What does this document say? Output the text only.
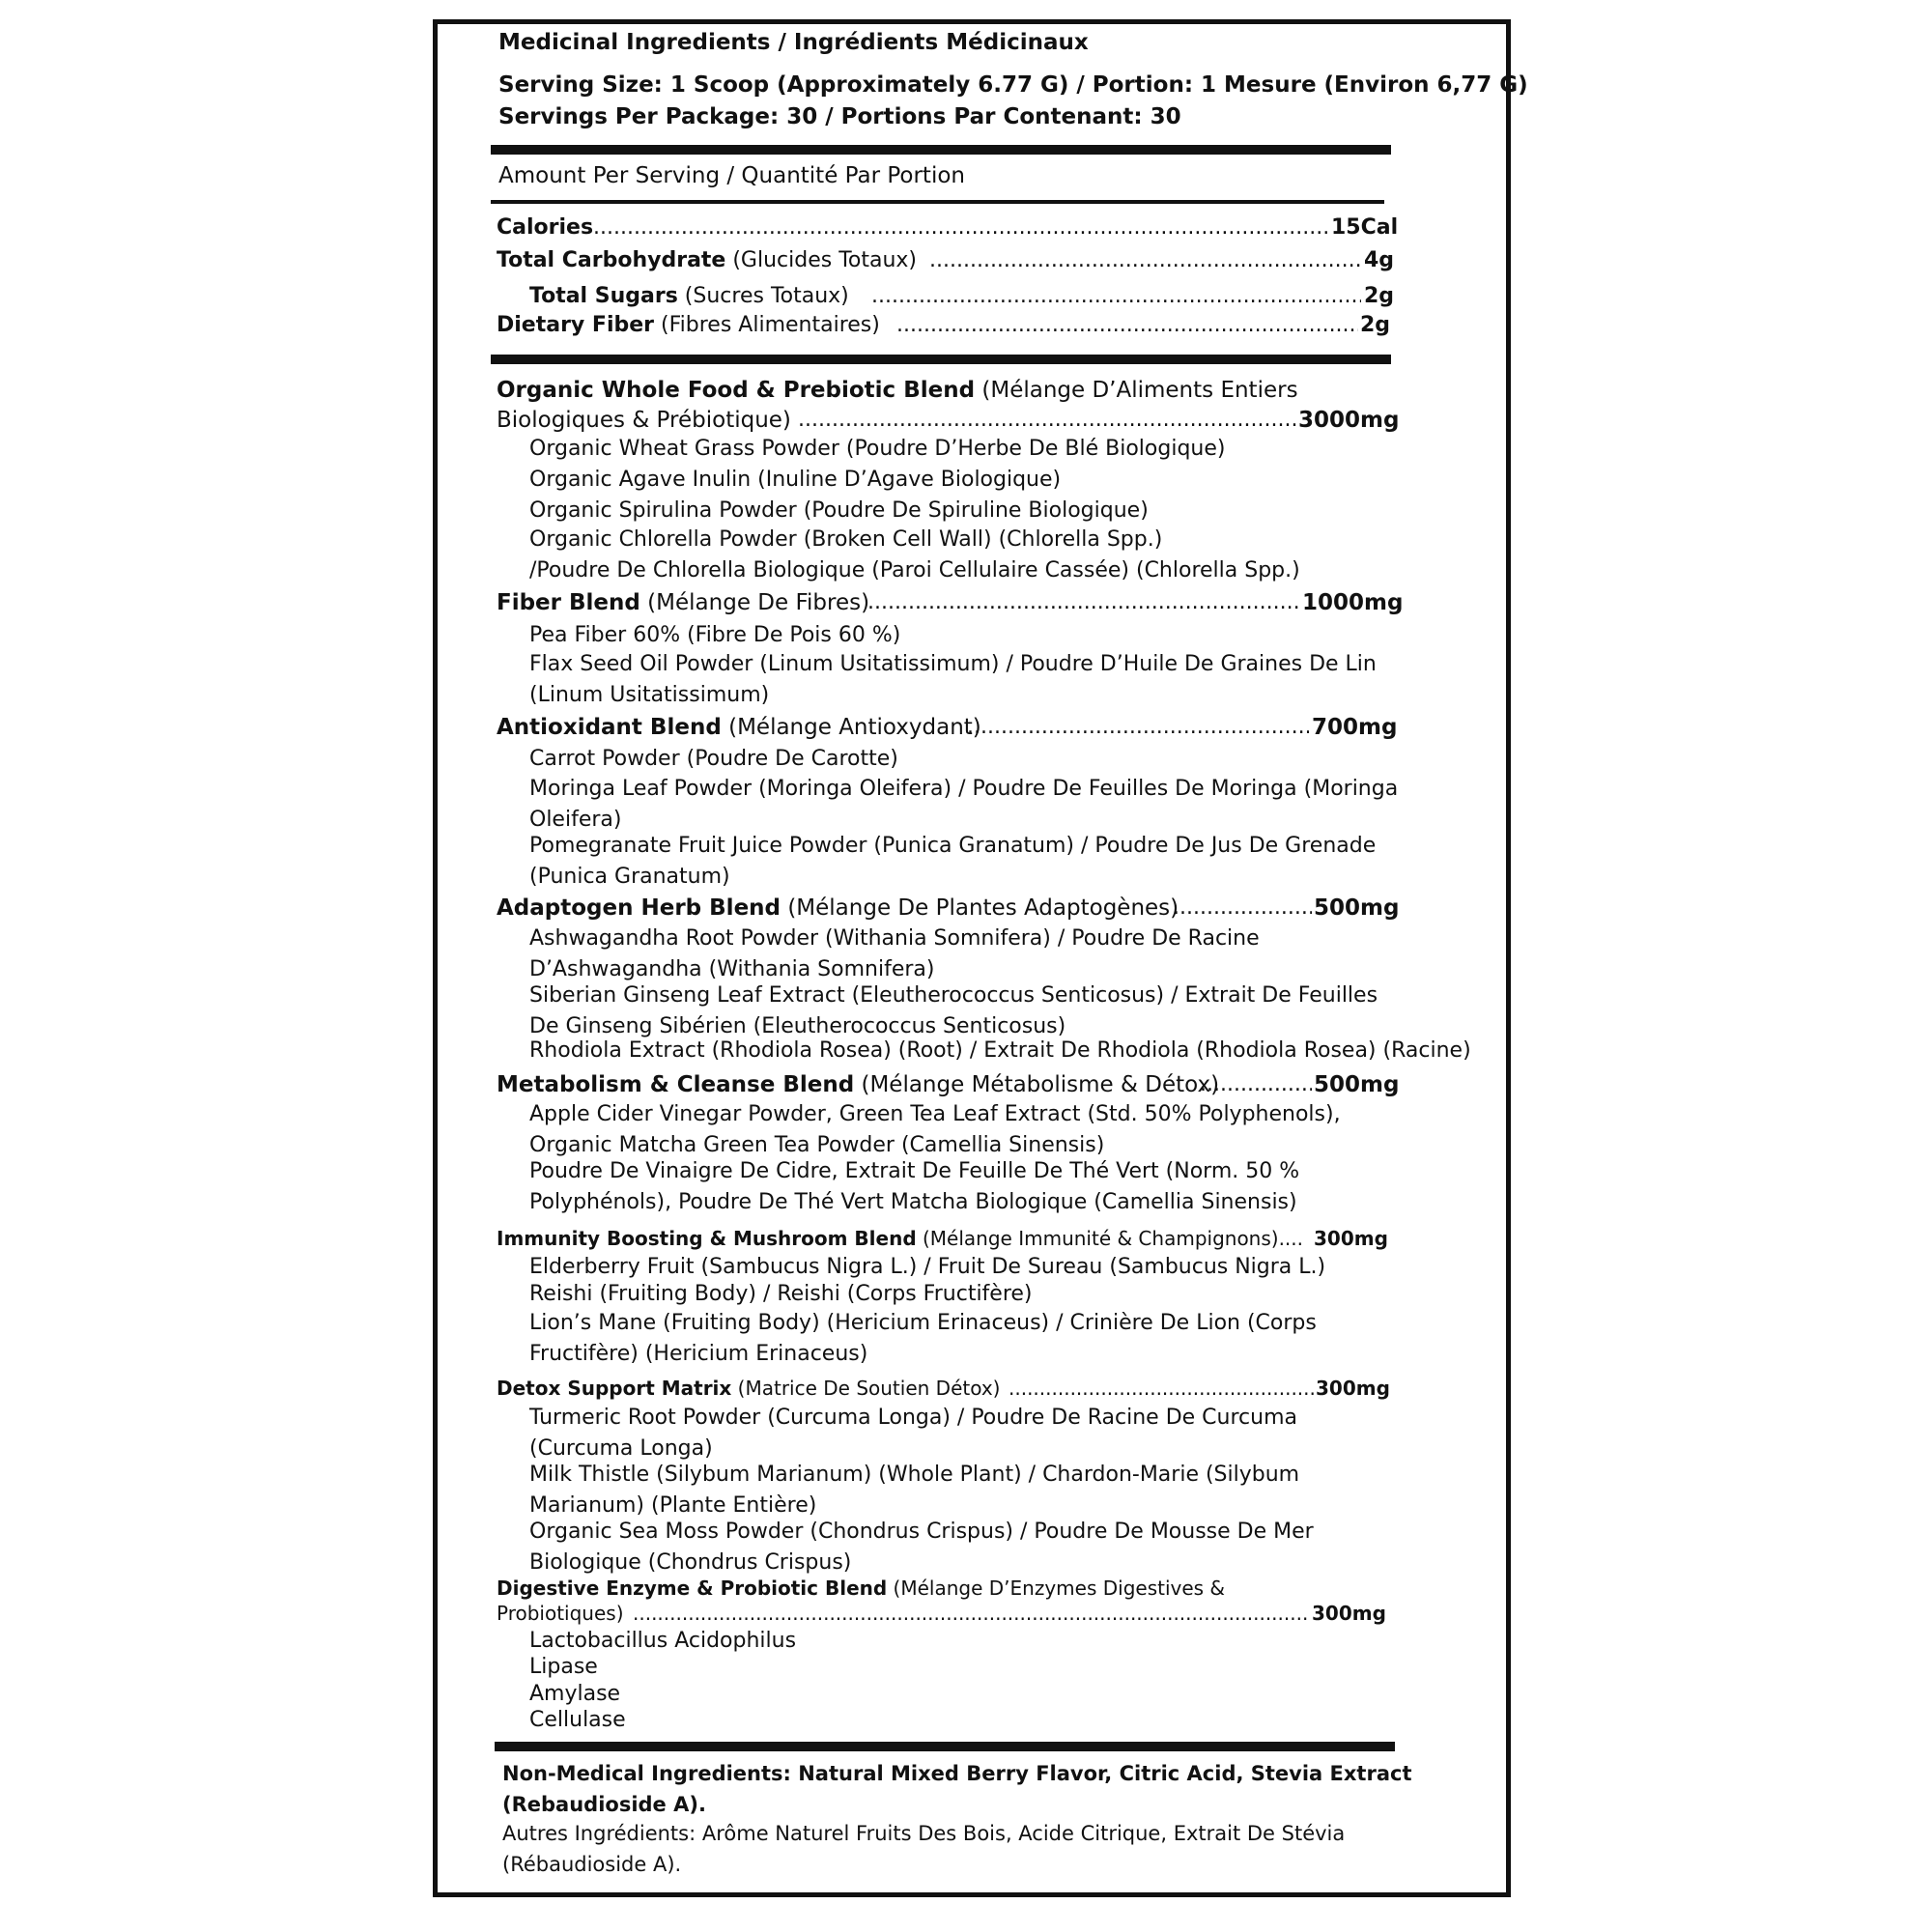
Medicinal Ingredients / Ingrédients Médicinaux
Serving Size: 1 Scoop (Approximately 6.77 G) / Portion: 1 Mesure (Environ 6,77 G)
Servings Per Package: 30 / Portions Par Contenant: 30
Amount Per Serving / Quantité Par Portion
Calories .....	15Cal
Total Carbohydrate (Glucides Totaux) .....	4g
Total Sugars (Sucres Totaux) .....	2g
Dietary Fiber (Fibres Alimentaires) .....	2g
Organic Whole Food & Prebiotic Blend (Mélange D’Aliments Entiers
Biologiques & Prébiotique) .....	3000mg
Organic Wheat Grass Powder (Poudre D’Herbe De Blé Biologique)
Organic Agave Inulin (Inuline D’Agave Biologique)
Organic Spirulina Powder (Poudre De Spiruline Biologique)
Organic Chlorella Powder (Broken Cell Wall) (Chlorella Spp.)
/Poudre De Chlorella Biologique (Paroi Cellulaire Cassée) (Chlorella Spp.)
Fiber Blend (Mélange De Fibres) .....	1000mg
Pea Fiber 60% (Fibre De Pois 60 %)
Flax Seed Oil Powder (Linum Usitatissimum) / Poudre D’Huile De Graines De Lin
(Linum Usitatissimum)
Antioxidant Blend (Mélange Antioxydant) .....	700mg
Carrot Powder (Poudre De Carotte)
Moringa Leaf Powder (Moringa Oleifera) / Poudre De Feuilles De Moringa (Moringa
Oleifera)
Pomegranate Fruit Juice Powder (Punica Granatum) / Poudre De Jus De Grenade
(Punica Granatum)
Adaptogen Herb Blend (Mélange De Plantes Adaptogènes) .....	500mg
Ashwagandha Root Powder (Withania Somnifera) / Poudre De Racine
D’Ashwagandha (Withania Somnifera)
Siberian Ginseng Leaf Extract (Eleutherococcus Senticosus) / Extrait De Feuilles
De Ginseng Sibérien (Eleutherococcus Senticosus)
Rhodiola Extract (Rhodiola Rosea) (Root) / Extrait De Rhodiola (Rhodiola Rosea) (Racine)
Metabolism & Cleanse Blend (Mélange Métabolisme & Détox) .....	500mg
Apple Cider Vinegar Powder, Green Tea Leaf Extract (Std. 50% Polyphenols),
Organic Matcha Green Tea Powder (Camellia Sinensis)
Poudre De Vinaigre De Cidre, Extrait De Feuille De Thé Vert (Norm. 50 %
Polyphénols), Poudre De Thé Vert Matcha Biologique (Camellia Sinensis)
Immunity Boosting & Mushroom Blend (Mélange Immunité & Champignons).... 300mg
Elderberry Fruit (Sambucus Nigra L.) / Fruit De Sureau (Sambucus Nigra L.)
Reishi (Fruiting Body) / Reishi (Corps Fructifère)
Lion’s Mane (Fruiting Body) (Hericium Erinaceus) / Crinière De Lion (Corps
Fructifère) (Hericium Erinaceus)
Detox Support Matrix (Matrice De Soutien Détox) .....	300mg
Turmeric Root Powder (Curcuma Longa) / Poudre De Racine De Curcuma
(Curcuma Longa)
Milk Thistle (Silybum Marianum) (Whole Plant) / Chardon-Marie (Silybum
Marianum) (Plante Entière)
Organic Sea Moss Powder (Chondrus Crispus) / Poudre De Mousse De Mer
Biologique (Chondrus Crispus)
Digestive Enzyme & Probiotic Blend (Mélange D’Enzymes Digestives &
Probiotiques) .....	300mg
Lactobacillus Acidophilus
Lipase
Amylase
Cellulase
Non-Medical Ingredients: Natural Mixed Berry Flavor, Citric Acid, Stevia Extract
(Rebaudioside A).
Autres Ingrédients: Arôme Naturel Fruits Des Bois, Acide Citrique, Extrait De Stévia
(Rébaudioside A).
